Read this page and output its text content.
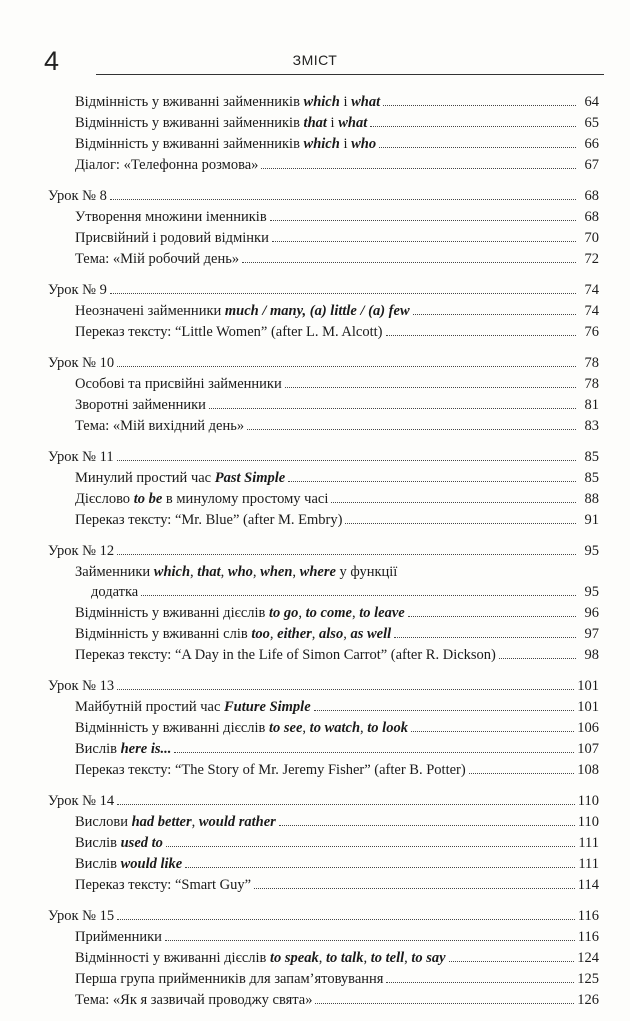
4	ЗМІСТ
Відмінність у вживанні займенників which і what	64
Відмінність у вживанні займенників that і what	65
Відмінність у вживанні займенників which і who	66
Діалог: «Телефонна розмова»	67
Урок № 8	68
Утворення множини іменників	68
Присвійний і родовий відмінки	70
Тема: «Мій робочий день»	72
Урок № 9	74
Неозначені займенники much / many, (a) little / (a) few	74
Переказ тексту: “Little Women” (after L. M. Alcott)	76
Урок № 10	78
Особові та присвійні займенники	78
Зворотні займенники	81
Тема: «Мій вихідний день»	83
Урок № 11	85
Минулий простий час Past Simple	85
Дієслово to be в минулому простому часі	88
Переказ тексту: “Mr. Blue” (after M. Embry)	91
Урок № 12	95
Займенники which, that, who, when, where у функції
додатка	95
Відмінність у вживанні дієслів to go, to come, to leave	96
Відмінність у вживанні слів too, either, also, as well	97
Переказ тексту: “A Day in the Life of Simon Carrot” (after R. Dickson)	98
Урок № 13	101
Майбутній простий час Future Simple	101
Відмінність у вживанні дієслів to see, to watch, to look	106
Вислів here is...	107
Переказ тексту: “The Story of Mr. Jeremy Fisher” (after B. Potter)	108
Урок № 14	110
Вислови had better, would rather	110
Вислів used to	111
Вислів would like	111
Переказ тексту: “Smart Guy”	114
Урок № 15	116
Прийменники	116
Відмінності у вживанні дієслів to speak, to talk, to tell, to say	124
Перша група прийменників для запам’ятовування	125
Тема: «Як я зазвичай проводжу свята»	126
